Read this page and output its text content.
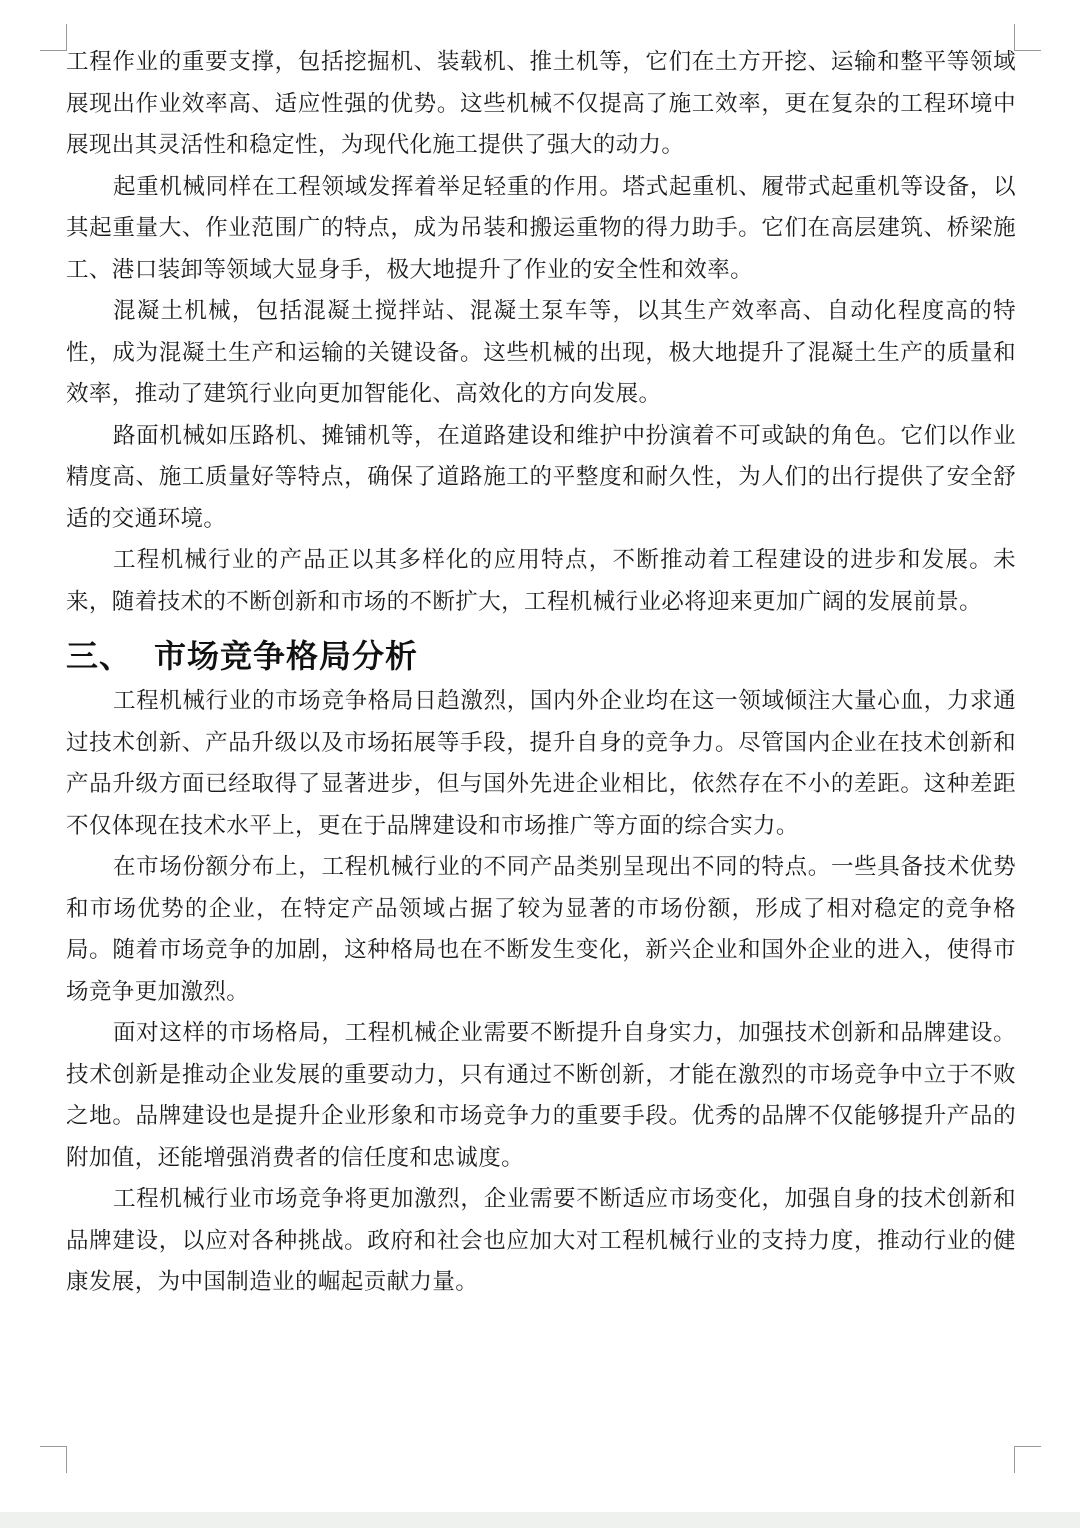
工程作业的重要支撑，包括挖掘机、装载机、推土机等，它们在土方开挖、运输和整平等领域展现出作业效率高、适应性强的优势。这些机械不仅提高了施工效率，更在复杂的工程环境中展现出其灵活性和稳定性，为现代化施工提供了强大的动力。

起重机械同样在工程领域发挥着举足轻重的作用。塔式起重机、履带式起重机等设备，以其起重量大、作业范围广的特点，成为吊装和搬运重物的得力助手。它们在高层建筑、桥梁施工、港口装卸等领域大显身手，极大地提升了作业的安全性和效率。

混凝土机械，包括混凝土搅拌站、混凝土泵车等，以其生产效率高、自动化程度高的特性，成为混凝土生产和运输的关键设备。这些机械的出现，极大地提升了混凝土生产的质量和效率，推动了建筑行业向更加智能化、高效化的方向发展。

路面机械如压路机、摊铺机等，在道路建设和维护中扮演着不可或缺的角色。它们以作业精度高、施工质量好等特点，确保了道路施工的平整度和耐久性，为人们的出行提供了安全舒适的交通环境。

工程机械行业的产品正以其多样化的应用特点，不断推动着工程建设的进步和发展。未来，随着技术的不断创新和市场的不断扩大，工程机械行业必将迎来更加广阔的发展前景。

三、 市场竞争格局分析

工程机械行业的市场竞争格局日趋激烈，国内外企业均在这一领域倾注大量心血，力求通过技术创新、产品升级以及市场拓展等手段，提升自身的竞争力。尽管国内企业在技术创新和产品升级方面已经取得了显著进步，但与国外先进企业相比，依然存在不小的差距。这种差距不仅体现在技术水平上，更在于品牌建设和市场推广等方面的综合实力。

在市场份额分布上，工程机械行业的不同产品类别呈现出不同的特点。一些具备技术优势和市场优势的企业，在特定产品领域占据了较为显著的市场份额，形成了相对稳定的竞争格局。随着市场竞争的加剧，这种格局也在不断发生变化，新兴企业和国外企业的进入，使得市场竞争更加激烈。

面对这样的市场格局，工程机械企业需要不断提升自身实力，加强技术创新和品牌建设。技术创新是推动企业发展的重要动力，只有通过不断创新，才能在激烈的市场竞争中立于不败之地。品牌建设也是提升企业形象和市场竞争力的重要手段。优秀的品牌不仅能够提升产品的附加值，还能增强消费者的信任度和忠诚度。

工程机械行业市场竞争将更加激烈，企业需要不断适应市场变化，加强自身的技术创新和品牌建设，以应对各种挑战。政府和社会也应加大对工程机械行业的支持力度，推动行业的健康发展，为中国制造业的崛起贡献力量。
